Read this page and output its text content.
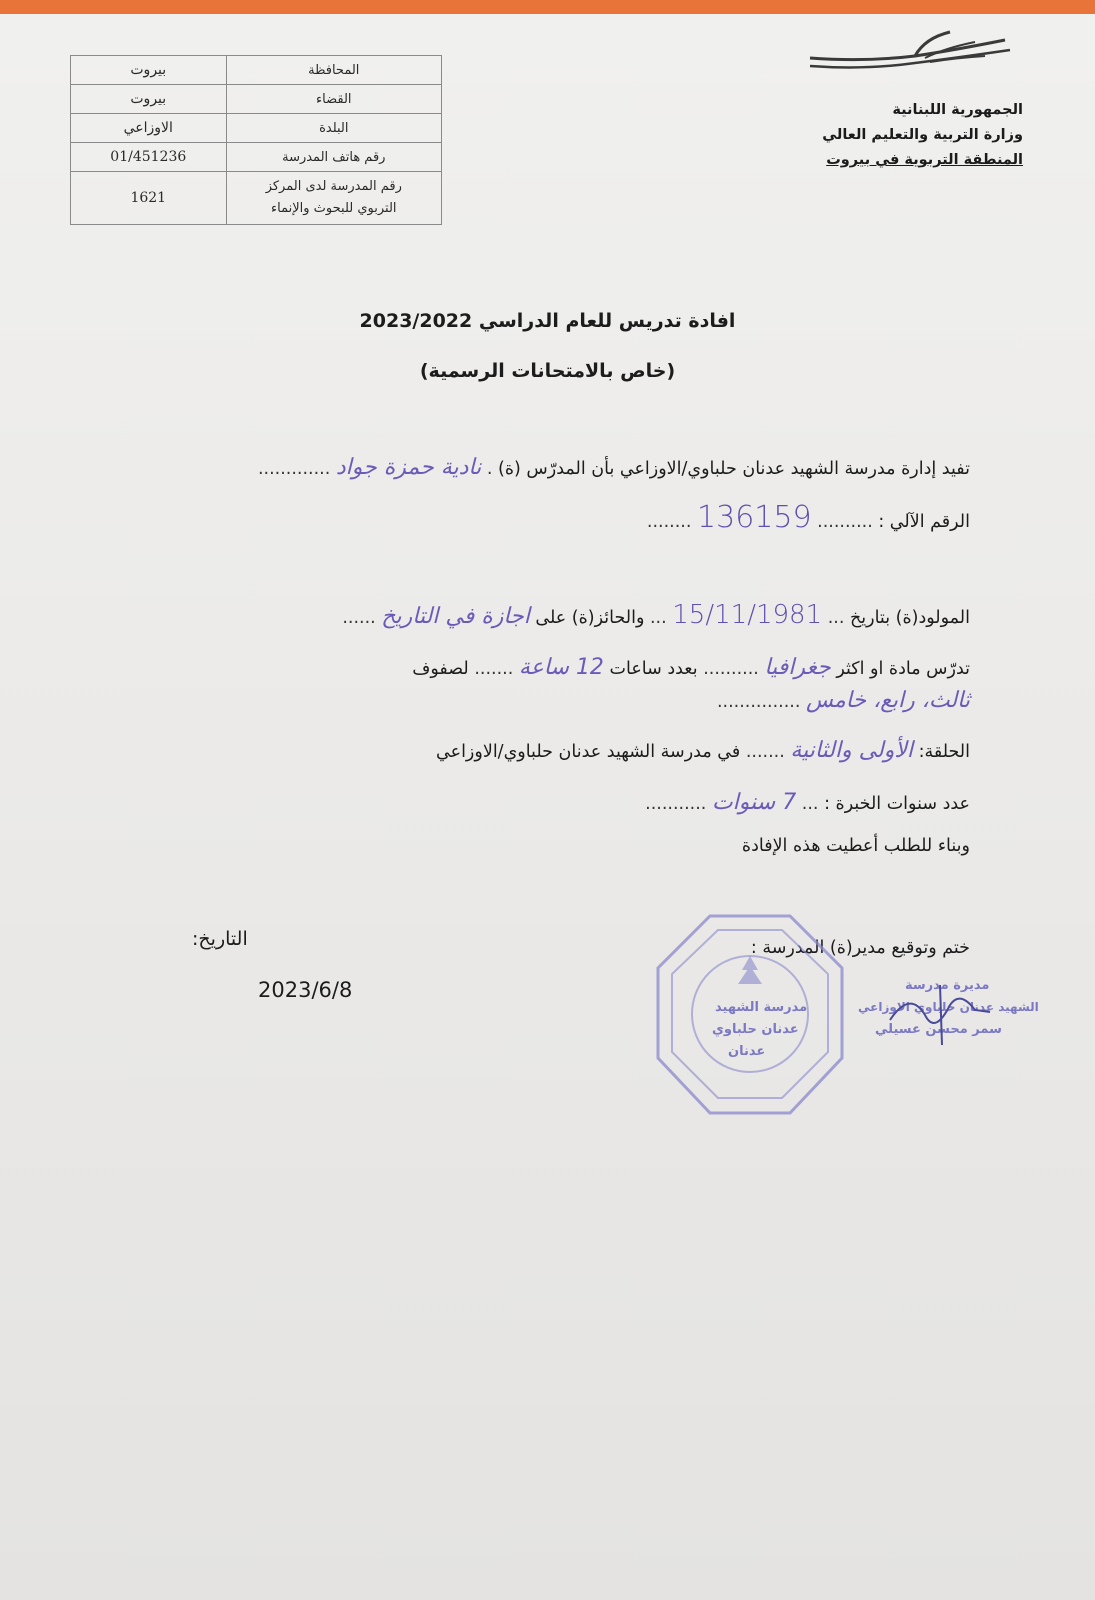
الجمهورية اللبنانية
وزارة التربية والتعليم العالي
المنطقة التربوية في بيروت
المحافظة	بيروت
القضاء	بيروت
البلدة	الاوزاعي
رقم هاتف المدرسة	01/451236

رقم المدرسة لدى المركز
التربوي للبحوث والإنماء	1621
افادة تدريس للعام الدراسي 2023/2022
(خاص بالامتحانات الرسمية)
تفيد إدارة مدرسة الشهيد عدنان حلباوي/الاوزاعي بأن المدرّس (ة) . نادية حمزة جواد .............
الرقم الآلي : .......... 136159 ........
المولود(ة) بتاريخ ... 15/11/1981 ... والحائز(ة) على اجازة في التاريخ ......
تدرّس مادة او اكثر جغرافيا .......... بعدد ساعات 12 ساعة ....... لصفوف
ثالث، رابع، خامس ...............
الحلقة: الأولى والثانية ....... في مدرسة الشهيد عدنان حلباوي/الاوزاعي
عدد سنوات الخبرة : ... 7 سنوات ...........
وبناء للطلب أعطيت هذه الإفادة
ختم وتوقيع مدير(ة) المدرسة :
التاريخ:
2023/6/8
مدرسة الشهيد
عدنان حلباوي
عدنان
مديرة مدرسة
الشهيد عدنان حلباوي الاوزاعي
سمر محسن عسيلي
